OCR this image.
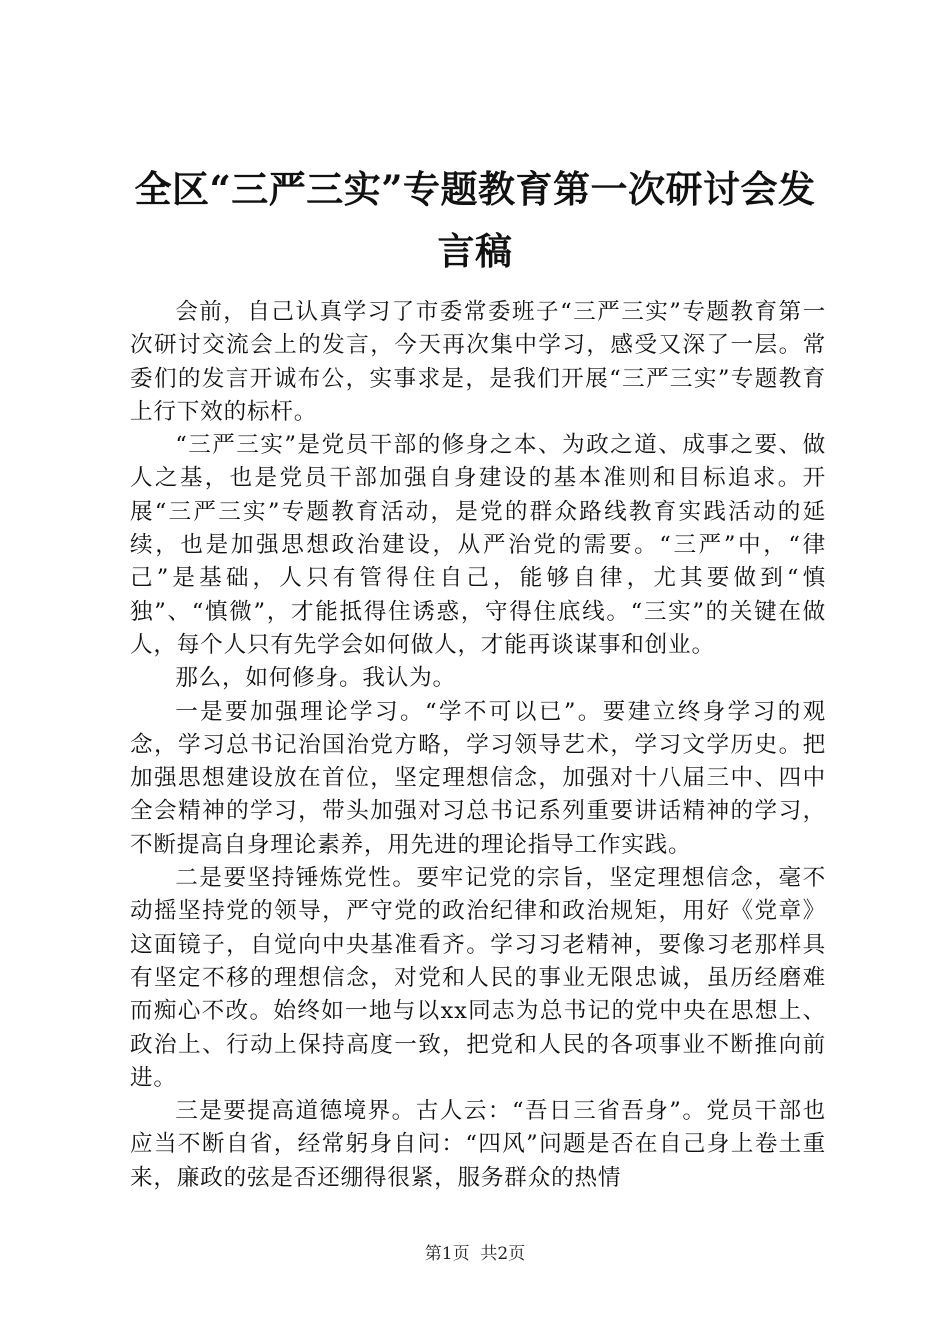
全区“三严三实”专题教育第一次研讨会发言稿

会前，自己认真学习了市委常委班子“三严三实”专题教育第一次研讨交流会上的发言，今天再次集中学习，感受又深了一层。常委们的发言开诚布公，实事求是，是我们开展“三严三实”专题教育上行下效的标杆。

“三严三实”是党员干部的修身之本、为政之道、成事之要、做人之基，也是党员干部加强自身建设的基本准则和目标追求。开展“三严三实”专题教育活动，是党的群众路线教育实践活动的延续，也是加强思想政治建设，从严治党的需要。“三严”中，“律己”是基础，人只有管得住自己，能够自律，尤其要做到“慎独”、“慎微”，才能抵得住诱惑，守得住底线。“三实”的关键在做人，每个人只有先学会如何做人，才能再谈谋事和创业。

那么，如何修身。我认为。

一是要加强理论学习。“学不可以已”。要建立终身学习的观念，学习总书记治国治党方略，学习领导艺术，学习文学历史。把加强思想建设放在首位，坚定理想信念，加强对十八届三中、四中全会精神的学习，带头加强对习总书记系列重要讲话精神的学习，不断提高自身理论素养，用先进的理论指导工作实践。

二是要坚持锤炼党性。要牢记党的宗旨，坚定理想信念，毫不动摇坚持党的领导，严守党的政治纪律和政治规矩，用好《党章》这面镜子，自觉向中央基准看齐。学习习老精神，要像习老那样具有坚定不移的理想信念，对党和人民的事业无限忠诚，虽历经磨难而痴心不改。始终如一地与以xx同志为总书记的党中央在思想上、政治上、行动上保持高度一致，把党和人民的各项事业不断推向前进。

三是要提高道德境界。古人云：“吾日三省吾身”。党员干部也应当不断自省，经常躬身自问：“四风”问题是否在自己身上卷土重来，廉政的弦是否还绷得很紧，服务群众的热情

第1页 共2页
